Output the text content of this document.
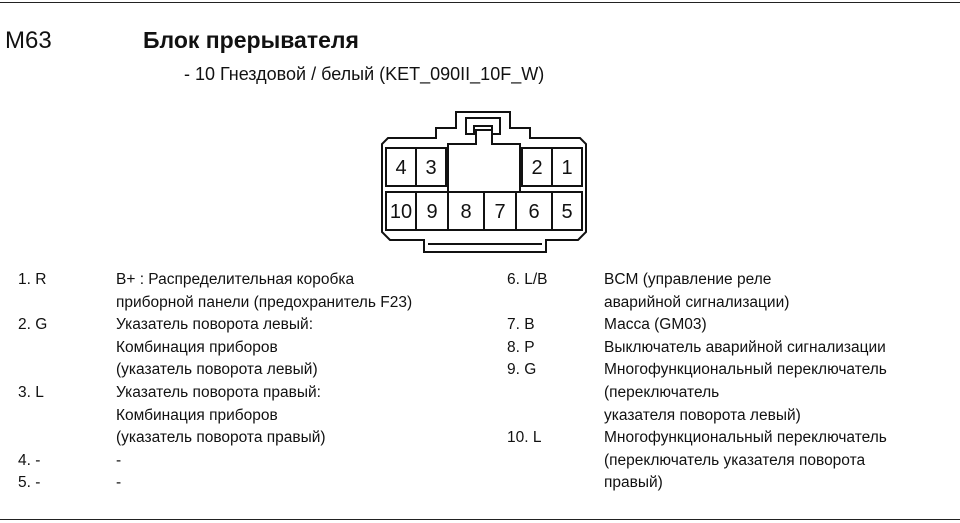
M63	Блок прерывателя
- 10 Гнездовой / белый (KET_090II_10F_W)
4 3	2 1
10 9 8 7 6 5
1. R	B+ : Распределительная коробка
приборной панели (предохранитель F23)
2. G	Указатель поворота левый:
Комбинация приборов
(указатель поворота левый)
3. L	Указатель поворота правый:
Комбинация приборов
(указатель поворота правый)
4. -	-
5. -	-
6. L/B	BCM (управление реле
аварийной сигнализации)
7. B	Масса (GM03)
8. P	Выключатель аварийной сигнализации
9. G	Многофункциональный переключатель
(переключатель
указателя поворота левый)
10. L	Многофункциональный переключатель
(переключатель указателя поворота
правый)
